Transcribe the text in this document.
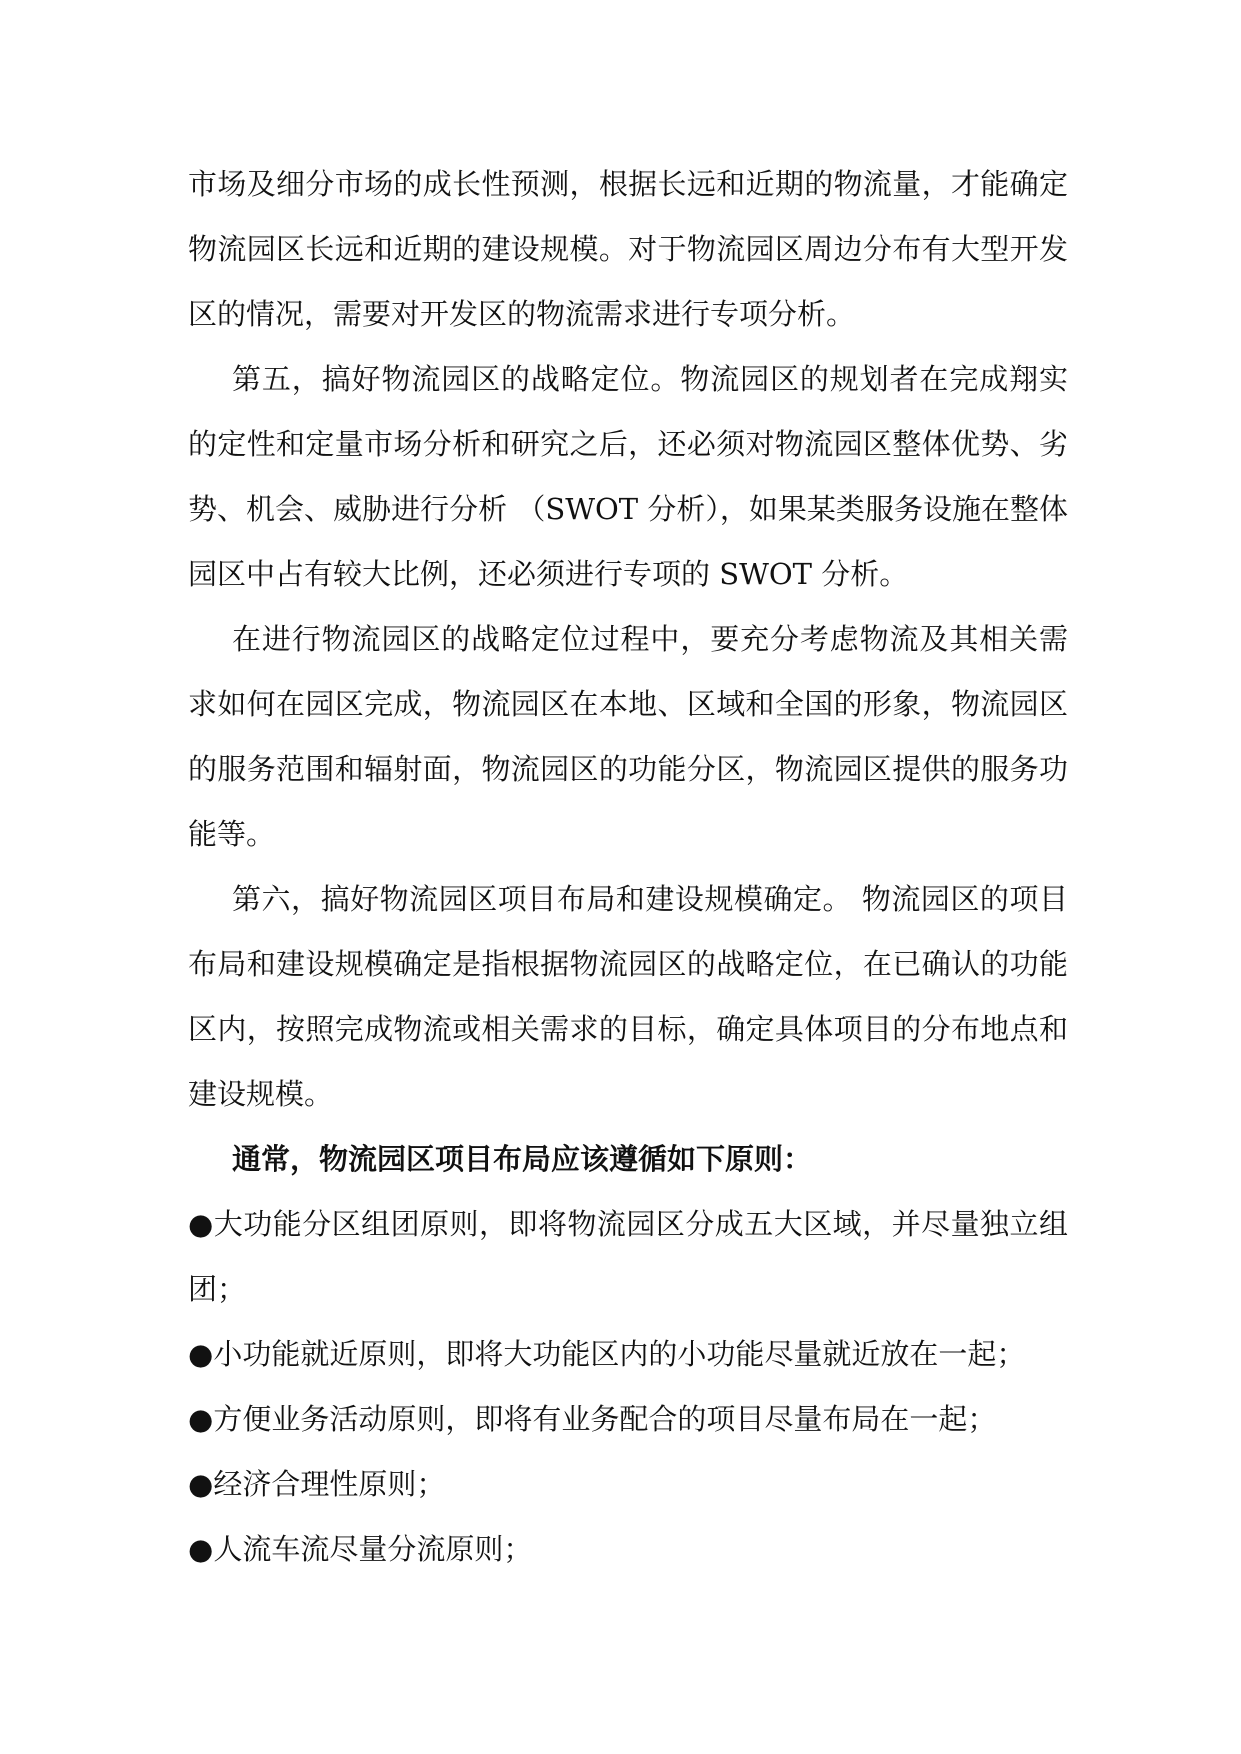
市场及细分市场的成长性预测，根据长远和近期的物流量，才能确定物流园区长远和近期的建设规模。对于物流园区周边分布有大型开发区的情况，需要对开发区的物流需求进行专项分析。

第五，搞好物流园区的战略定位。物流园区的规划者在完成翔实的定性和定量市场分析和研究之后，还必须对物流园区整体优势、劣势、机会、威胁进行分析 （SWOT 分析），如果某类服务设施在整体园区中占有较大比例，还必须进行专项的 SWOT 分析。

在进行物流园区的战略定位过程中，要充分考虑物流及其相关需求如何在园区完成，物流园区在本地、区域和全国的形象，物流园区的服务范围和辐射面，物流园区的功能分区，物流园区提供的服务功能等。

第六，搞好物流园区项目布局和建设规模确定。 物流园区的项目布局和建设规模确定是指根据物流园区的战略定位，在已确认的功能区内，按照完成物流或相关需求的目标，确定具体项目的分布地点和建设规模。

通常，物流园区项目布局应该遵循如下原则：

●大功能分区组团原则，即将物流园区分成五大区域，并尽量独立组团；
●小功能就近原则，即将大功能区内的小功能尽量就近放在一起；
●方便业务活动原则，即将有业务配合的项目尽量布局在一起；
●经济合理性原则；
●人流车流尽量分流原则；
